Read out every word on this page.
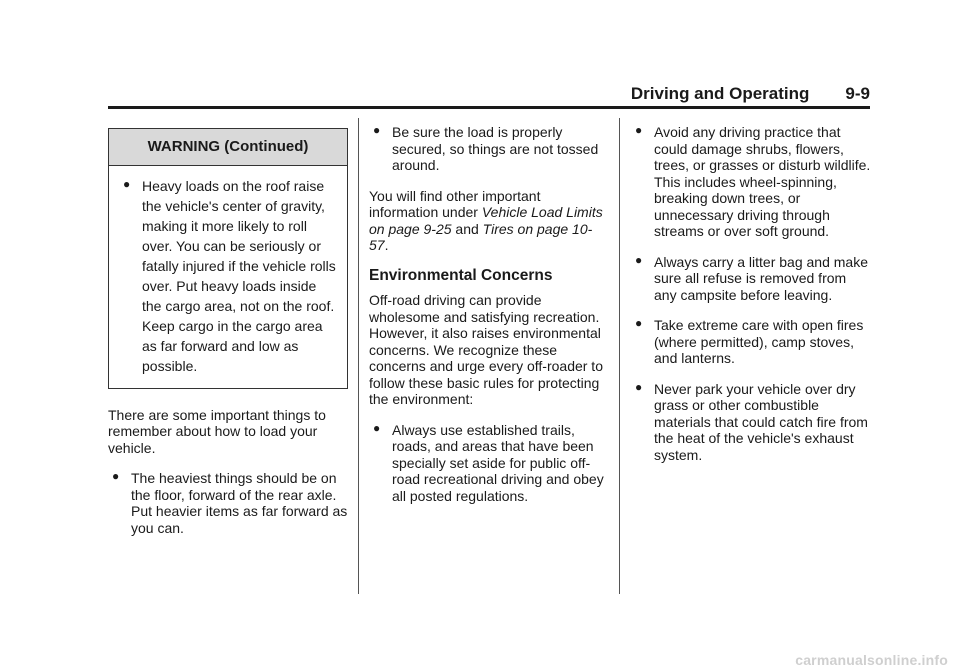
Driving and Operating 9-9
WARNING (Continued)
● Heavy loads on the roof raise the vehicle's center of gravity, making it more likely to roll over. You can be seriously or fatally injured if the vehicle rolls over. Put heavy loads inside the cargo area, not on the roof. Keep cargo in the cargo area as far forward and low as possible.

There are some important things to remember about how to load your vehicle.

● The heaviest things should be on the floor, forward of the rear axle. Put heavier items as far forward as you can.
● Be sure the load is properly secured, so things are not tossed around.

You will find other important information under Vehicle Load Limits on page 9-25 and Tires on page 10-57.

Environmental Concerns

Off-road driving can provide wholesome and satisfying recreation. However, it also raises environmental concerns. We recognize these concerns and urge every off-roader to follow these basic rules for protecting the environment:

● Always use established trails, roads, and areas that have been specially set aside for public off-road recreational driving and obey all posted regulations.
● Avoid any driving practice that could damage shrubs, flowers, trees, or grasses or disturb wildlife. This includes wheel-spinning, breaking down trees, or unnecessary driving through streams or over soft ground.
● Always carry a litter bag and make sure all refuse is removed from any campsite before leaving.
● Take extreme care with open fires (where permitted), camp stoves, and lanterns.
● Never park your vehicle over dry grass or other combustible materials that could catch fire from the heat of the vehicle's exhaust system.
carmanualsonline.info
